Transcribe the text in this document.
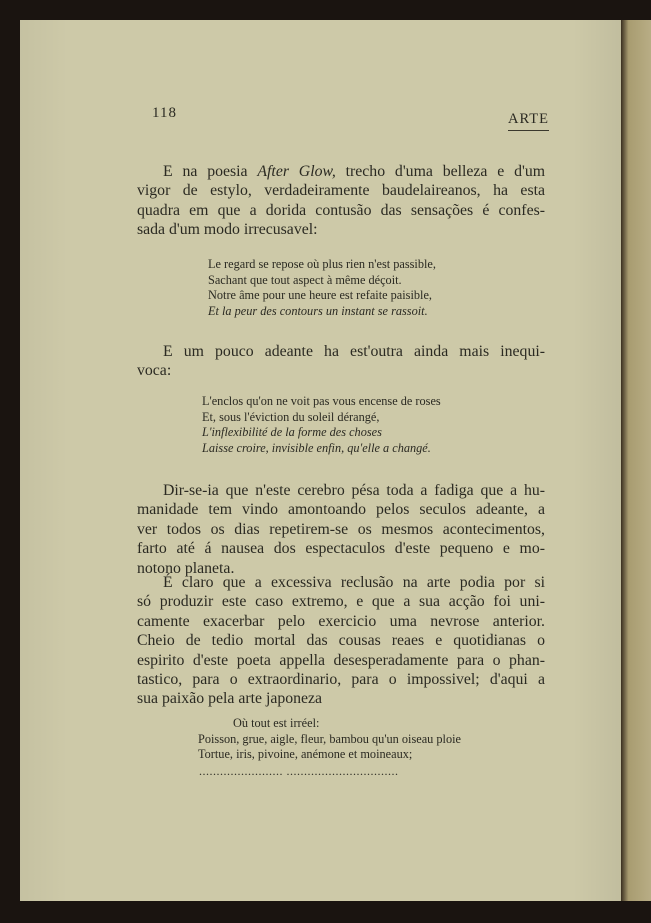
118	ARTE
E na poesia After Glow, trecho d'uma belleza e d'um
vigor de estylo, verdadeiramente baudelaireanos, ha esta
quadra em que a dorida contusão das sensações é confes-
sada d'um modo irrecusavel:
Le regard se repose où plus rien n'est passible,
Sachant que tout aspect à même déçoit.
Notre âme pour une heure est refaite paisible,
Et la peur des contours un instant se rassoit.
E um pouco adeante ha est'outra ainda mais inequi-
voca:
L'enclos qu'on ne voit pas vous encense de roses
Et, sous l'éviction du soleil dérangé,
L'inflexibilité de la forme des choses
Laisse croire, invisible enfin, qu'elle a changé.
Dir-se-ia que n'este cerebro pésa toda a fadiga que a hu-
manidade tem vindo amontoando pelos seculos adeante, a
ver todos os dias repetirem-se os mesmos acontecimentos,
farto até á nausea dos espectaculos d'este pequeno e mo-
notono planeta.
É claro que a excessiva reclusão na arte podia por si
só produzir este caso extremo, e que a sua acção foi uni-
camente exacerbar pelo exercicio uma nevrose anterior.
Cheio de tedio mortal das cousas reaes e quotidianas o
espirito d'este poeta appella desesperadamente para o phan-
tastico, para o extraordinario, para o impossivel; d'aqui a
sua paixão pela arte japoneza
Où tout est irréel:
Poisson, grue, aigle, fleur, bambou qu'un oiseau ploie
Tortue, iris, pivoine, anémone et moineaux;
........................ ................................
